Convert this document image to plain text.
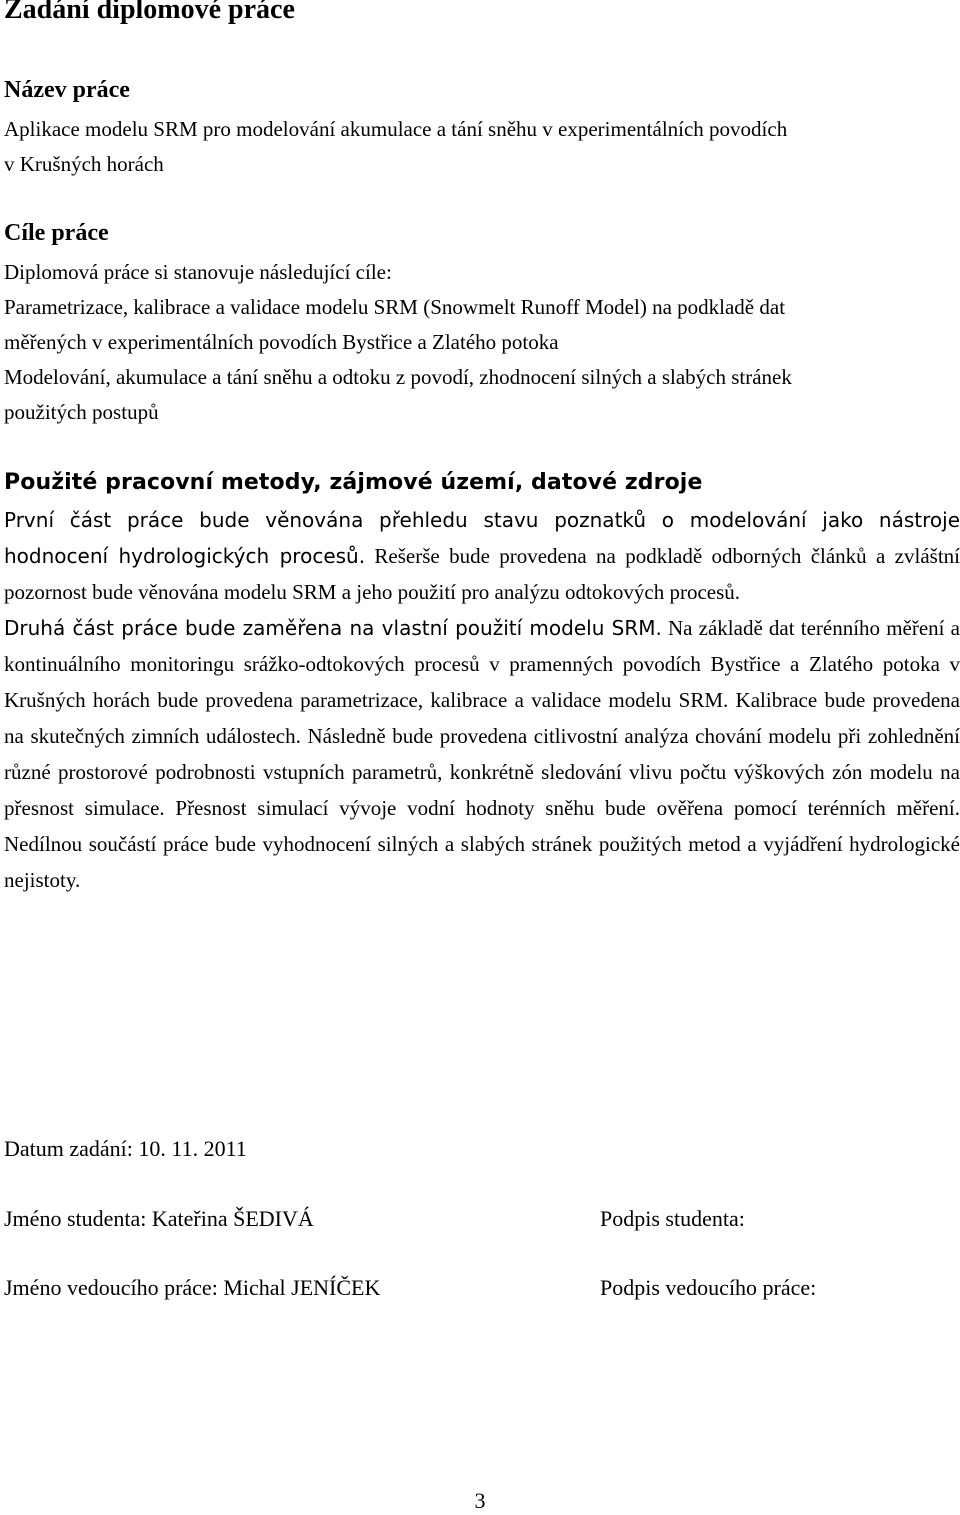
Zadání diplomové práce
Název práce
Aplikace modelu SRM pro modelování akumulace a tání sněhu v experimentálních povodích
v Krušných horách
Cíle práce
Diplomová práce si stanovuje následující cíle:
Parametrizace, kalibrace a validace modelu SRM (Snowmelt Runoff Model) na podkladě dat
měřených v experimentálních povodích Bystřice a Zlatého potoka
Modelování, akumulace a tání sněhu a odtoku z povodí, zhodnocení silných a slabých stránek
použitých postupů
Použité pracovní metody, zájmové území, datové zdroje

První část práce bude věnována přehledu stavu poznatků o modelování jako nástroje hodnocení hydrologických procesů. Rešerše bude provedena na podkladě odborných článků a zvláštní pozornost bude věnována modelu SRM a jeho použití pro analýzu odtokových procesů.

Druhá část práce bude zaměřena na vlastní použití modelu SRM. Na základě dat terénního měření a kontinuálního monitoringu srážko-odtokových procesů v pramenných povodích Bystřice a Zlatého potoka v Krušných horách bude provedena parametrizace, kalibrace a validace modelu SRM. Kalibrace bude provedena na skutečných zimních událostech. Následně bude provedena citlivostní analýza chování modelu při zohlednění různé prostorové podrobnosti vstupních parametrů, konkrétně sledování vlivu počtu výškových zón modelu na přesnost simulace. Přesnost simulací vývoje vodní hodnoty sněhu bude ověřena pomocí terénních měření. Nedílnou součástí práce bude vyhodnocení silných a slabých stránek použitých metod a vyjádření hydrologické nejistoty.

Datum zadání: 10. 11. 2011
Jméno studenta: Kateřina ŠEDIVÁ	Podpis studenta:
Jméno vedoucího práce: Michal JENÍČEK	Podpis vedoucího práce:
3
